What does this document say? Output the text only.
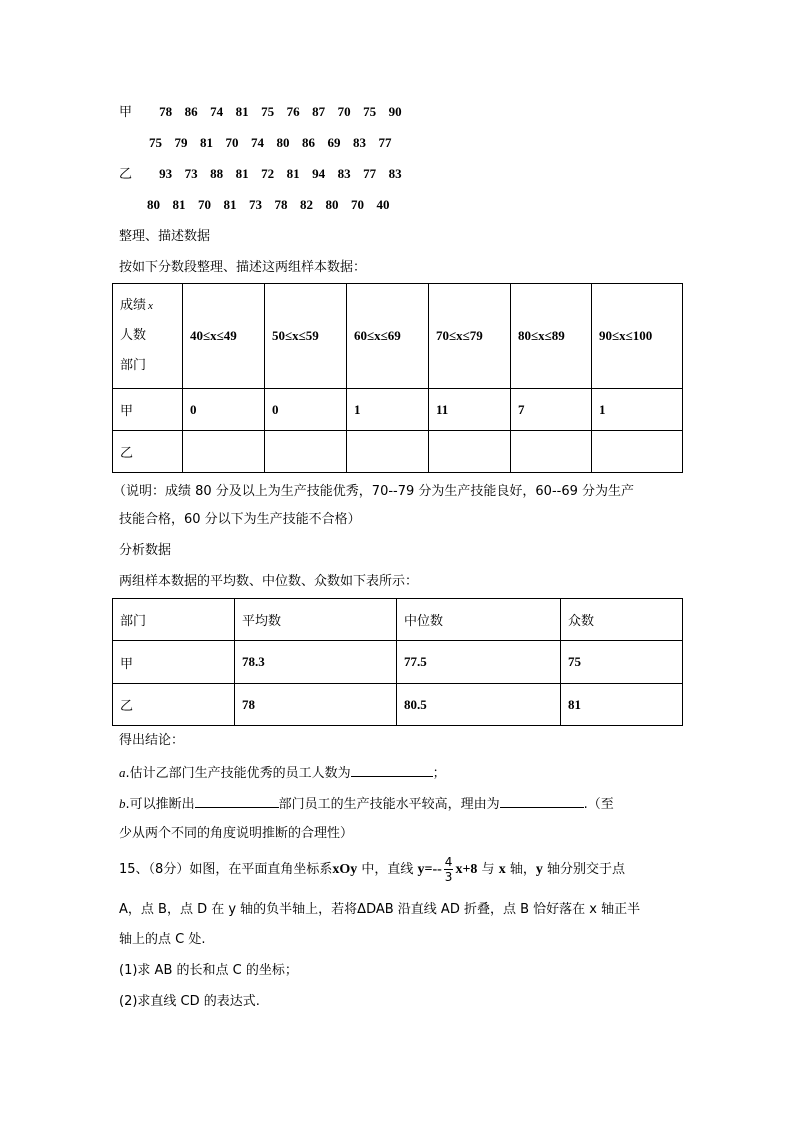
甲 78 86 74 81 75 76 87 70 75 90
75 79 81 70 74 80 86 69 83 77
乙 93 73 88 81 72 81 94 83 77 83
80 81 70 81 73 78 82 80 70 40
整理、描述数据
按如下分数段整理、描述这两组样本数据：
成绩 x
人数
部门	40≤x≤49	50≤x≤59	60≤x≤69	70≤x≤79	80≤x≤89	90≤x≤100
甲	0	0	1	11	7	1
乙						
（说明：成绩 80 分及以上为生产技能优秀，70--79 分为生产技能良好，60--69 分为生产
技能合格，60 分以下为生产技能不合格）
分析数据
两组样本数据的平均数、中位数、众数如下表所示：
部门	平均数	中位数	众数
甲	78.3	77.5	75
乙	78	80.5	81
得出结论：
a.估计乙部门生产技能优秀的员工人数为	；
b.可以推断出	部门员工的生产技能水平较高，理由为	.（至
少从两个不同的角度说明推断的合理性）
15、（8分）如图，在平面直角坐标系xOy 中，直线 $y=-- \frac{4}{3} x+8$ 与 x 轴，y 轴分别交于点
A，点 B，点 D 在 y 轴的负半轴上，若将ΔDAB 沿直线 AD 折叠，点 B 恰好落在 x 轴正半
轴上的点 C 处.
(1)求 AB 的长和点 C 的坐标；
(2)求直线 CD 的表达式.
